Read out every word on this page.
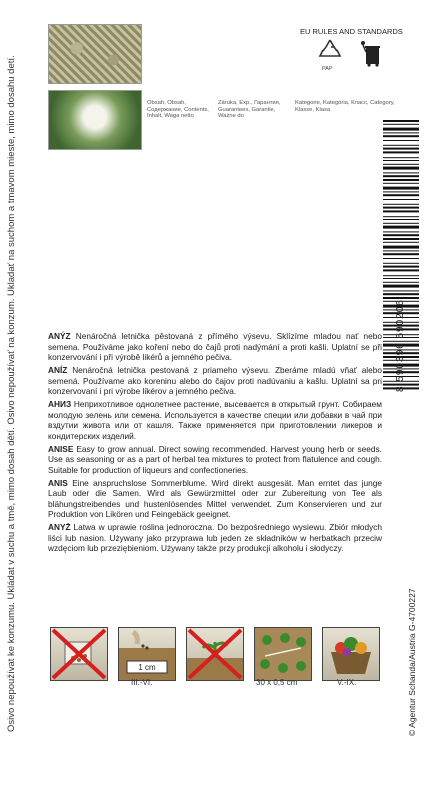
Osivo nepoužívat ke konzumu. Ukládat v suchu a tmě, mimo dosah dětí. Osivo nepoužívať na konzum. Ukladať na suchom a tmavom mieste, mimo dosahu detí.	Obsah, Obsah, Содержание, Contents, Inhalt, Waga netto
Záruka, Exp., Гарантия, Guarantees, Garantie, Ważne do
Kategorie, Kategória, Класс, Category, Klasse, Klasa
EU RULES AND STANDARDS
PAP
8 590396 590206
© Agentur Schanda/Austria G-4700227

ANÝZ Nenáročná letnička pěstovaná z přímého výsevu. Sklízíme mladou nať nebo semena. Používáme jako koření nebo do čajů proti nadýmání a proti kašli. Uplatní se při konzervování i při výrobě likérů a jemného pečiva.

ANÍZ Nenáročná letnička pestovaná z priameho výsevu. Zberáme mladú vňať alebo semená. Používame ako koreninu alebo do čajov proti nadúvaniu a kašlu. Uplatní sa pri konzervovaní i pri výrobe likérov a jemného pečiva.

АНИЗ Неприхотливое однолетнее растение, высевается в открытый грунт. Собираем молодую зелень или семена. Используется в качестве специи или добавки в чай при вздутии живота или от кашля. Также применяется при приготовлении ликеров и кондитерских изделий.

ANISE Easy to grow annual. Direct sowing recommended. Harvest young herb or seeds. Use as seasoning or as a part of herbal tea mixtures to protect from flatulence and cough. Suitable for production of liqueurs and confectioneries.

ANIS Eine anspruchslose Sommerblume. Wird direkt ausgesät. Man erntet das junge Laub oder die Samen. Wird als Gewürzmittel oder zur Zubereitung von Tee als blähungstreibendes und hustenlösendes Mittel verwendet. Zum Konservieren und zur Produktion von Likören und Feingebäck geeignet.

ANYŻ Latwa w uprawie roślina jednoroczna. Do bezpośredniego wysiewu. Zbiór młodych liści lub nasion. Używany jako przyprawa lub jeden ze składników w herbatkach przeciw wzdęciom lub przeziębieniom. Używany także przy produkcji alkoholu i słodyczy.

1 cm
III.-VI.	30 x 0,5 cm	V.-IX.
